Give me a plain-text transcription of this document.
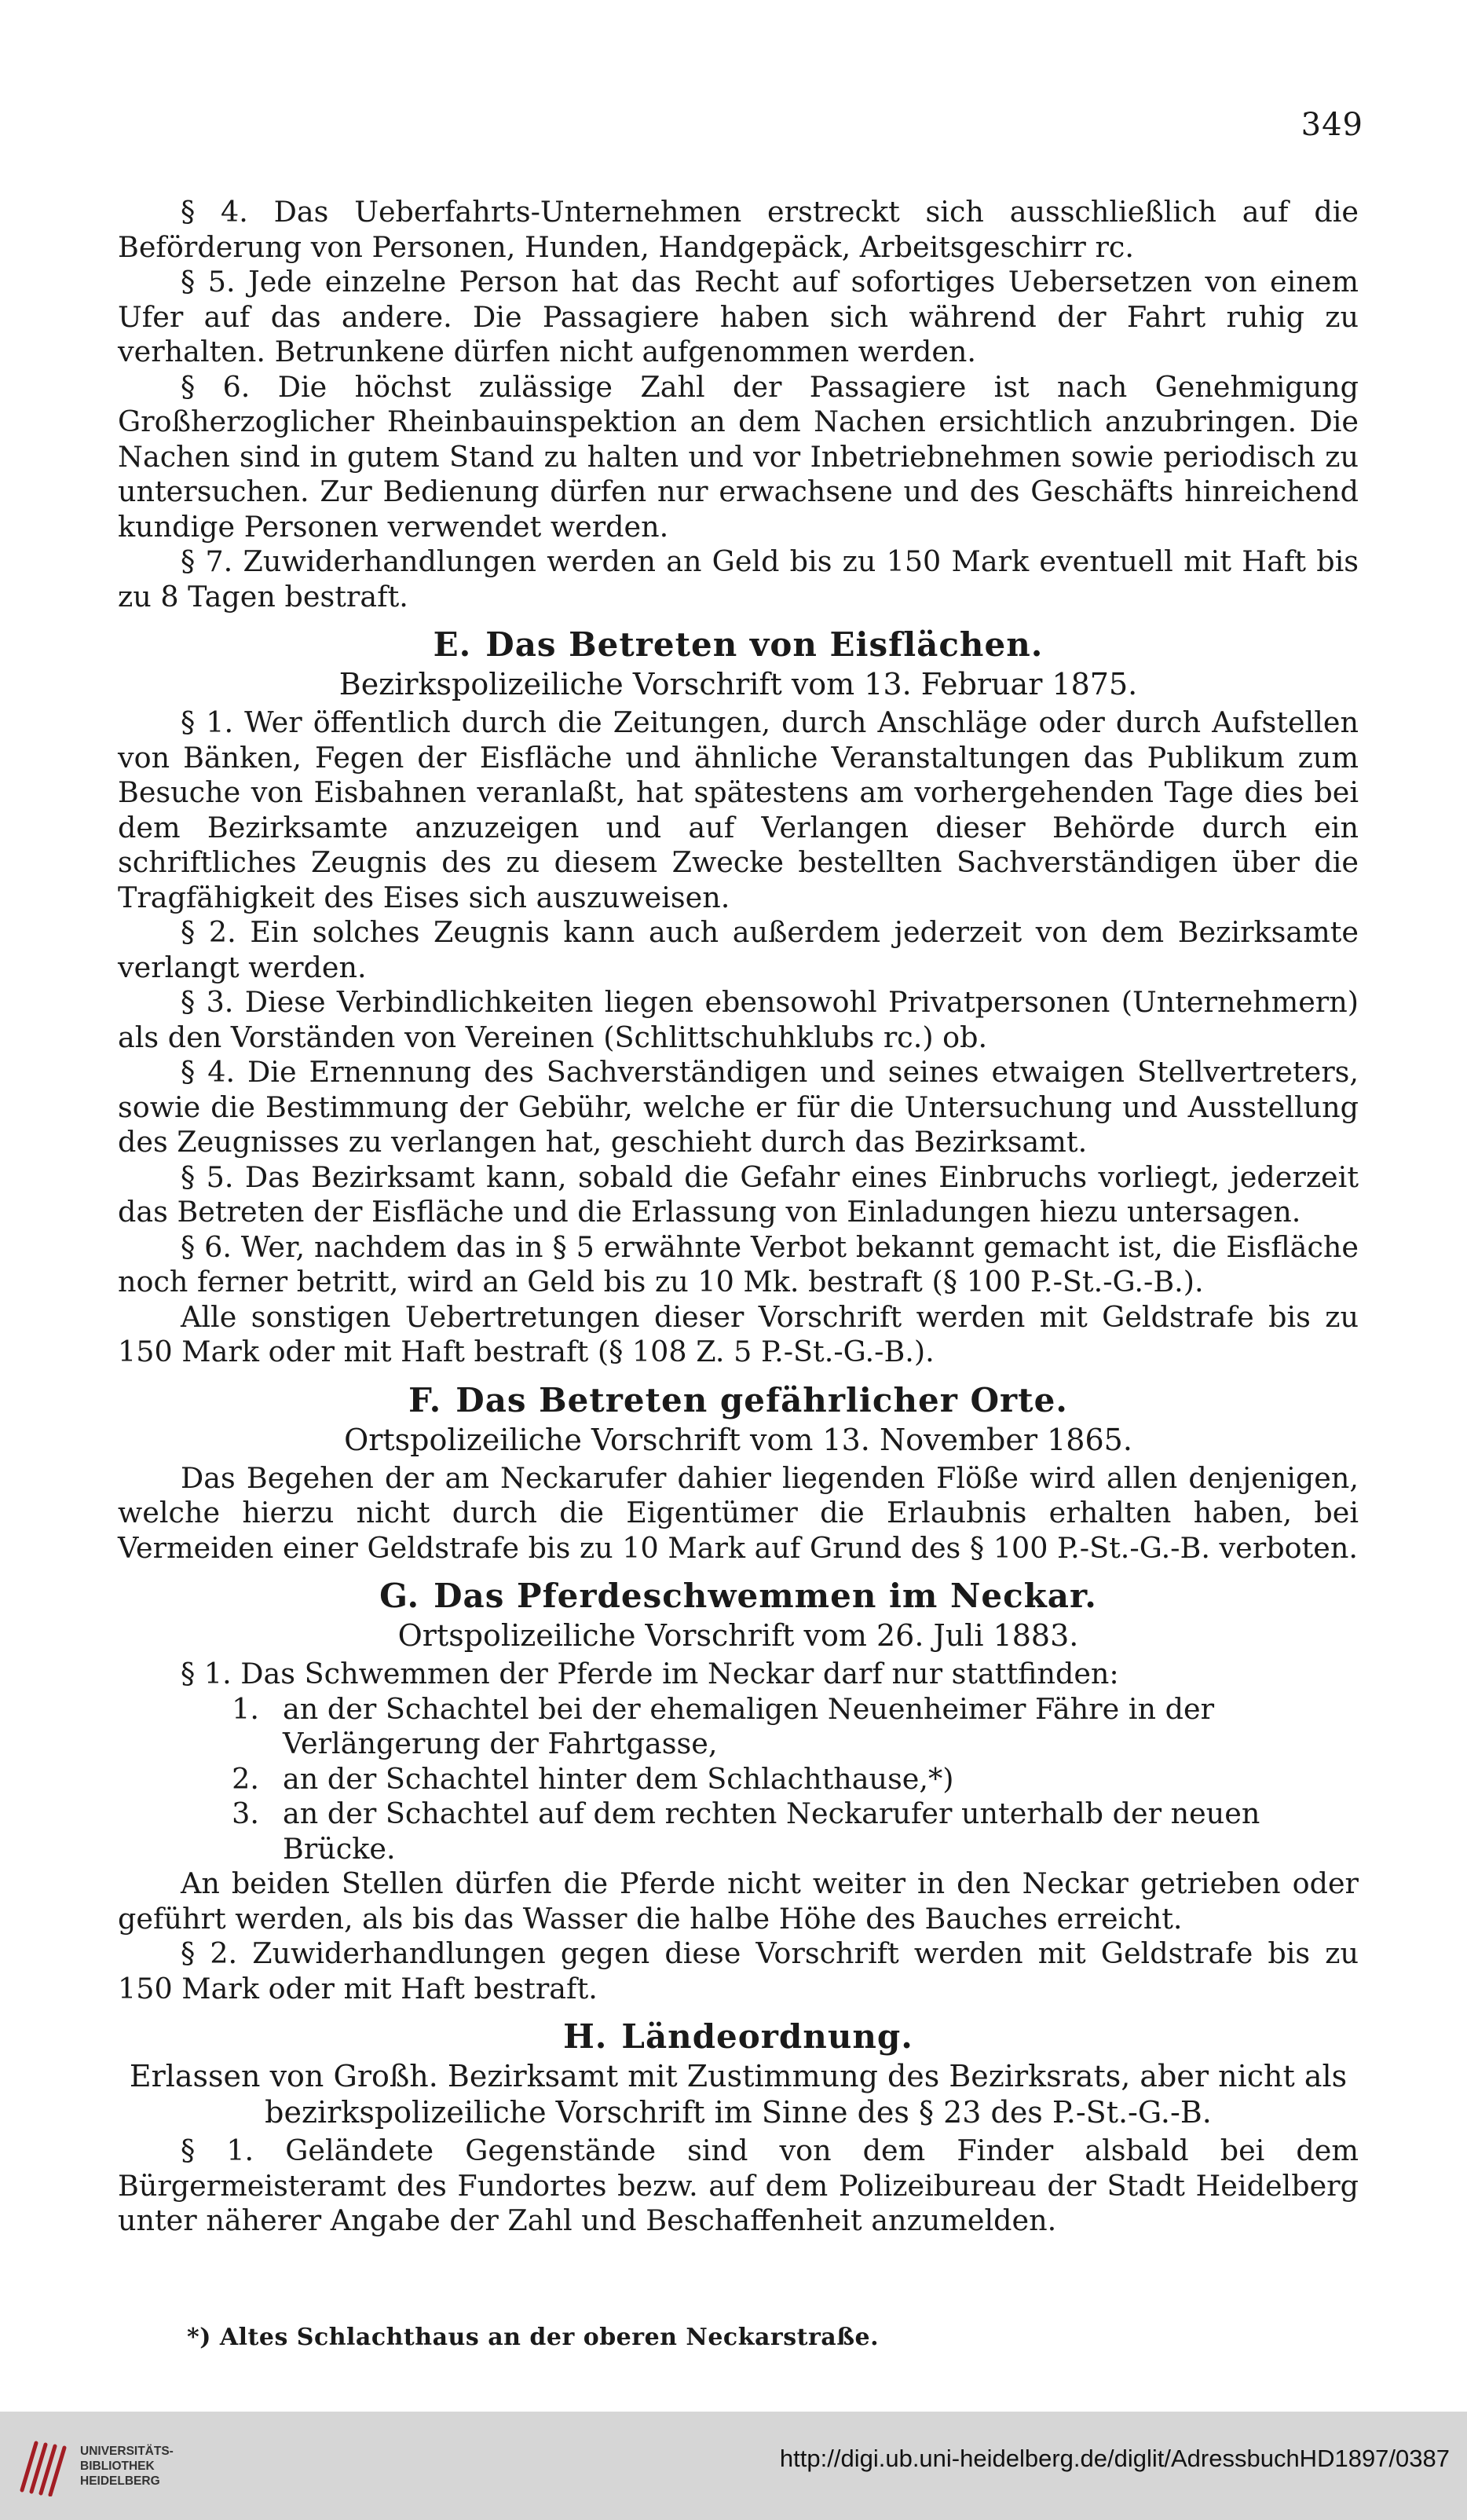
349

§ 4. Das Ueberfahrts-Unternehmen erstreckt sich ausschließlich auf die Beförderung von Personen, Hunden, Handgepäck, Arbeitsgeschirr rc.

§ 5. Jede einzelne Person hat das Recht auf sofortiges Uebersetzen von einem Ufer auf das andere. Die Passagiere haben sich während der Fahrt ruhig zu verhalten. Betrunkene dürfen nicht aufgenommen werden.

§ 6. Die höchst zulässige Zahl der Passagiere ist nach Genehmigung Großherzoglicher Rheinbauinspektion an dem Nachen ersichtlich anzubringen. Die Nachen sind in gutem Stand zu halten und vor Inbetriebnehmen sowie periodisch zu untersuchen. Zur Bedienung dürfen nur erwachsene und des Geschäfts hinreichend kundige Personen verwendet werden.

§ 7. Zuwiderhandlungen werden an Geld bis zu 150 Mark eventuell mit Haft bis zu 8 Tagen bestraft.

E. Das Betreten von Eisflächen.
Bezirkspolizeiliche Vorschrift vom 13. Februar 1875.

§ 1. Wer öffentlich durch die Zeitungen, durch Anschläge oder durch Aufstellen von Bänken, Fegen der Eisfläche und ähnliche Veranstaltungen das Publikum zum Besuche von Eisbahnen veranlaßt, hat spätestens am vorhergehenden Tage dies bei dem Bezirksamte anzuzeigen und auf Verlangen dieser Behörde durch ein schriftliches Zeugnis des zu diesem Zwecke bestellten Sachverständigen über die Tragfähigkeit des Eises sich auszuweisen.

§ 2. Ein solches Zeugnis kann auch außerdem jederzeit von dem Bezirksamte verlangt werden.

§ 3. Diese Verbindlichkeiten liegen ebensowohl Privatpersonen (Unternehmern) als den Vorständen von Vereinen (Schlittschuhklubs rc.) ob.

§ 4. Die Ernennung des Sachverständigen und seines etwaigen Stellvertreters, sowie die Bestimmung der Gebühr, welche er für die Untersuchung und Ausstellung des Zeugnisses zu verlangen hat, geschieht durch das Bezirksamt.

§ 5. Das Bezirksamt kann, sobald die Gefahr eines Einbruchs vorliegt, jederzeit das Betreten der Eisfläche und die Erlassung von Einladungen hiezu untersagen.

§ 6. Wer, nachdem das in § 5 erwähnte Verbot bekannt gemacht ist, die Eisfläche noch ferner betritt, wird an Geld bis zu 10 Mk. bestraft (§ 100 P.-St.-G.-B.).

Alle sonstigen Uebertretungen dieser Vorschrift werden mit Geldstrafe bis zu 150 Mark oder mit Haft bestraft (§ 108 Z. 5 P.-St.-G.-B.).

F. Das Betreten gefährlicher Orte.
Ortspolizeiliche Vorschrift vom 13. November 1865.

Das Begehen der am Neckarufer dahier liegenden Flöße wird allen denjenigen, welche hierzu nicht durch die Eigentümer die Erlaubnis erhalten haben, bei Vermeiden einer Geldstrafe bis zu 10 Mark auf Grund des § 100 P.-St.-G.-B. verboten.

G. Das Pferdeschwemmen im Neckar.
Ortspolizeiliche Vorschrift vom 26. Juli 1883.

§ 1. Das Schwemmen der Pferde im Neckar darf nur stattfinden:

1. an der Schachtel bei der ehemaligen Neuenheimer Fähre in der Verlängerung der Fahrtgasse,
2. an der Schachtel hinter dem Schlachthause,*)
3. an der Schachtel auf dem rechten Neckarufer unterhalb der neuen Brücke.

An beiden Stellen dürfen die Pferde nicht weiter in den Neckar getrieben oder geführt werden, als bis das Wasser die halbe Höhe des Bauches erreicht.

§ 2. Zuwiderhandlungen gegen diese Vorschrift werden mit Geldstrafe bis zu 150 Mark oder mit Haft bestraft.

H. Ländeordnung.
Erlassen von Großh. Bezirksamt mit Zustimmung des Bezirksrats, aber nicht als bezirkspolizeiliche Vorschrift im Sinne des § 23 des P.-St.-G.-B.

§ 1. Geländete Gegenstände sind von dem Finder alsbald bei dem Bürgermeisteramt des Fundortes bezw. auf dem Polizeibureau der Stadt Heidelberg unter näherer Angabe der Zahl und Beschaffenheit anzumelden.

*) Altes Schlachthaus an der oberen Neckarstraße.
UNIVERSITÄTS-
BIBLIOTHEK
HEIDELBERG
http://digi.ub.uni-heidelberg.de/diglit/AdressbuchHD1897/0387
